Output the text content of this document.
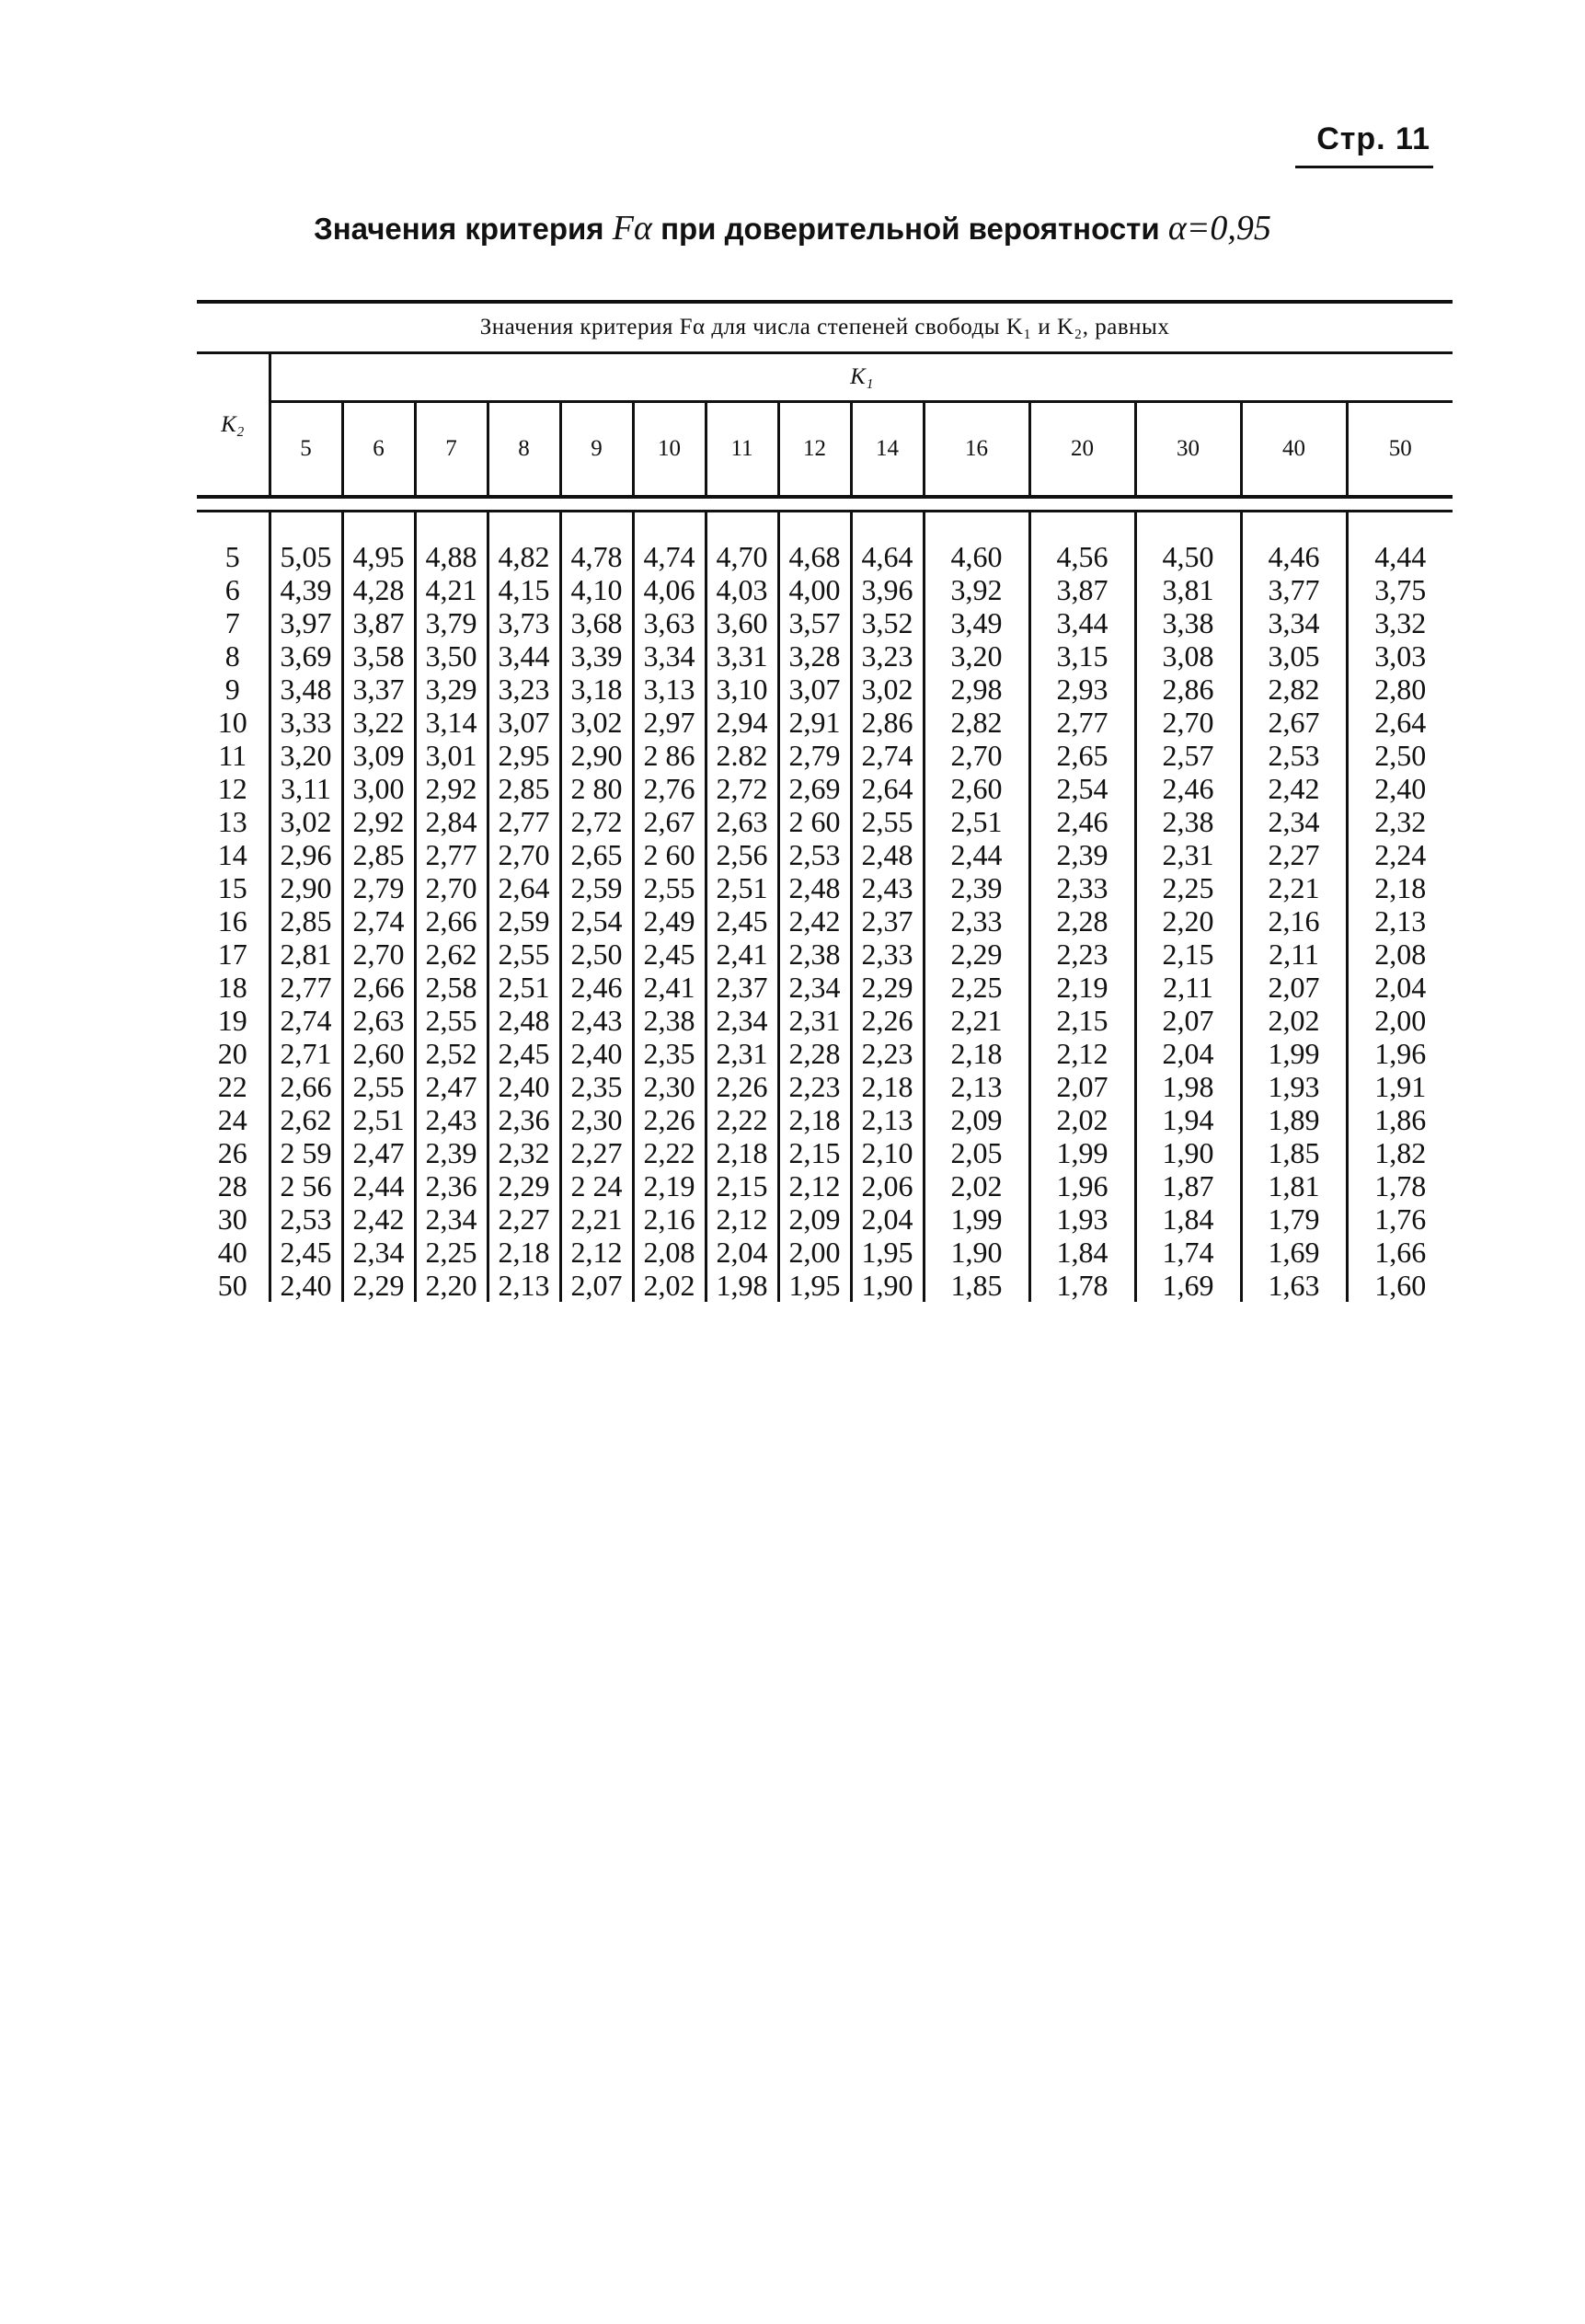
Стр. 11
Значения критерия Fα при доверительной вероятности α=0,95
Значения критерия Fα для числа степеней свободы K₁ и K₂, равных														
K₂	K₁													
	5	6	7	8	9	10	11	12	14	16	20	30	40	50

5	5,05	4,95	4,88	4,82	4,78	4,74	4,70	4,68	4,64	4,60	4,56	4,50	4,46	4,44
6	4,39	4,28	4,21	4,15	4,10	4,06	4,03	4,00	3,96	3,92	3,87	3,81	3,77	3,75
7	3,97	3,87	3,79	3,73	3,68	3,63	3,60	3,57	3,52	3,49	3,44	3,38	3,34	3,32
8	3,69	3,58	3,50	3,44	3,39	3,34	3,31	3,28	3,23	3,20	3,15	3,08	3,05	3,03
9	3,48	3,37	3,29	3,23	3,18	3,13	3,10	3,07	3,02	2,98	2,93	2,86	2,82	2,80
10	3,33	3,22	3,14	3,07	3,02	2,97	2,94	2,91	2,86	2,82	2,77	2,70	2,67	2,64
11	3,20	3,09	3,01	2,95	2,90	2 86	2.82	2,79	2,74	2,70	2,65	2,57	2,53	2,50
12	3,11	3,00	2,92	2,85	2 80	2,76	2,72	2,69	2,64	2,60	2,54	2,46	2,42	2,40
13	3,02	2,92	2,84	2,77	2,72	2,67	2,63	2 60	2,55	2,51	2,46	2,38	2,34	2,32
14	2,96	2,85	2,77	2,70	2,65	2 60	2,56	2,53	2,48	2,44	2,39	2,31	2,27	2,24
15	2,90	2,79	2,70	2,64	2,59	2,55	2,51	2,48	2,43	2,39	2,33	2,25	2,21	2,18
16	2,85	2,74	2,66	2,59	2,54	2,49	2,45	2,42	2,37	2,33	2,28	2,20	2,16	2,13
17	2,81	2,70	2,62	2,55	2,50	2,45	2,41	2,38	2,33	2,29	2,23	2,15	2,11	2,08
18	2,77	2,66	2,58	2,51	2,46	2,41	2,37	2,34	2,29	2,25	2,19	2,11	2,07	2,04
19	2,74	2,63	2,55	2,48	2,43	2,38	2,34	2,31	2,26	2,21	2,15	2,07	2,02	2,00
20	2,71	2,60	2,52	2,45	2,40	2,35	2,31	2,28	2,23	2,18	2,12	2,04	1,99	1,96
22	2,66	2,55	2,47	2,40	2,35	2,30	2,26	2,23	2,18	2,13	2,07	1,98	1,93	1,91
24	2,62	2,51	2,43	2,36	2,30	2,26	2,22	2,18	2,13	2,09	2,02	1,94	1,89	1,86
26	2 59	2,47	2,39	2,32	2,27	2,22	2,18	2,15	2,10	2,05	1,99	1,90	1,85	1,82
28	2 56	2,44	2,36	2,29	2 24	2,19	2,15	2,12	2,06	2,02	1,96	1,87	1,81	1,78
30	2,53	2,42	2,34	2,27	2,21	2,16	2,12	2,09	2,04	1,99	1,93	1,84	1,79	1,76
40	2,45	2,34	2,25	2,18	2,12	2,08	2,04	2,00	1,95	1,90	1,84	1,74	1,69	1,66
50	2,40	2,29	2,20	2,13	2,07	2,02	1,98	1,95	1,90	1,85	1,78	1,69	1,63	1,60
